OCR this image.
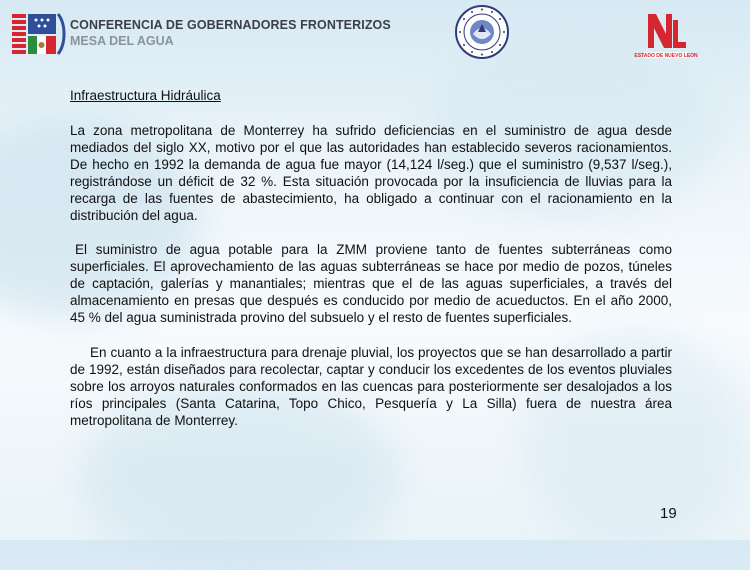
CONFERENCIA DE GOBERNADORES FRONTERIZOS
MESA DEL AGUA
ESTADO DE NUEVO LEON
NL
Infraestructura Hidráulica

La zona metropolitana de Monterrey ha sufrido deficiencias en el suministro de agua desde mediados del siglo XX, motivo por el que las autoridades han establecido severos racionamientos. De hecho en 1992 la demanda de agua fue mayor (14,124 l/seg.) que el suministro (9,537 l/seg.), registrándose un déficit de 32 %. Esta situación provocada por la insuficiencia de lluvias para la recarga de las fuentes de abastecimiento, ha obligado a continuar con el racionamiento en la distribución del agua.

El suministro de agua potable para la ZMM proviene tanto de fuentes subterráneas como superficiales. El aprovechamiento de las aguas subterráneas se hace por medio de pozos, túneles de captación, galerías y manantiales; mientras que el de las aguas superficiales, a través del almacenamiento en presas que después es conducido por medio de acueductos. En el año 2000, 45 % del agua suministrada provino del subsuelo y el resto de fuentes superficiales.

En cuanto a la infraestructura para drenaje pluvial, los proyectos que se han desarrollado a partir de 1992, están diseñados para recolectar, captar y conducir los excedentes de los eventos pluviales sobre los arroyos naturales conformados en las cuencas para posteriormente ser desalojados a los ríos principales (Santa Catarina, Topo Chico, Pesquería y La Silla) fuera de nuestra área metropolitana de Monterrey.

19
